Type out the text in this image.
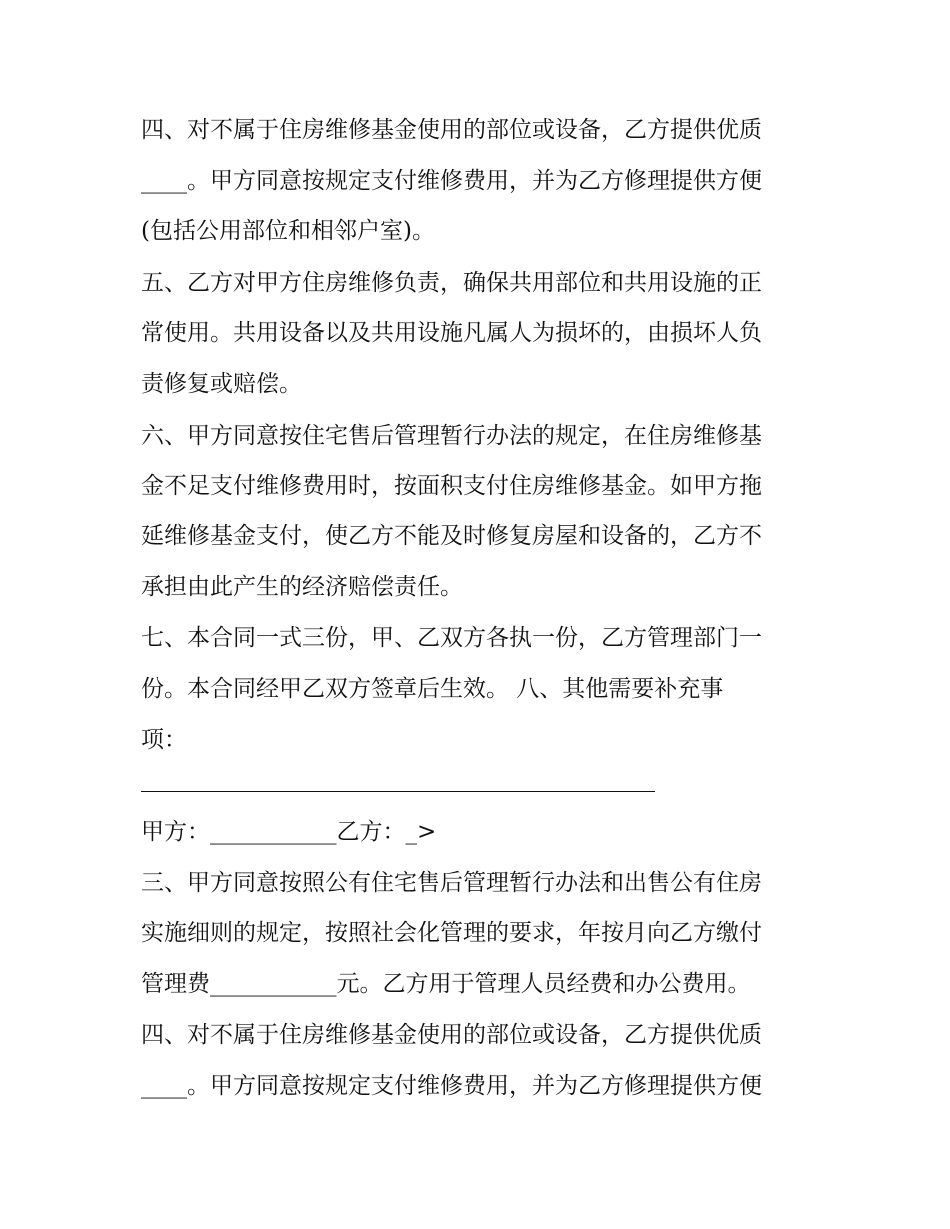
四、对不属于住房维修基金使用的部位或设备，乙方提供优质
____。甲方同意按规定支付维修费用，并为乙方修理提供方便
(包括公用部位和相邻户室)。
五、乙方对甲方住房维修负责，确保共用部位和共用设施的正
常使用。共用设备以及共用设施凡属人为损坏的，由损坏人负
责修复或赔偿。
六、甲方同意按住宅售后管理暂行办法的规定，在住房维修基
金不足支付维修费用时，按面积支付住房维修基金。如甲方拖
延维修基金支付，使乙方不能及时修复房屋和设备的，乙方不
承担由此产生的经济赔偿责任。
七、本合同一式三份，甲、乙双方各执一份，乙方管理部门一
份。本合同经甲乙双方签章后生效。 八、其他需要补充事
项：
甲方：___________乙方：_>
三、甲方同意按照公有住宅售后管理暂行办法和出售公有住房
实施细则的规定，按照社会化管理的要求，年按月向乙方缴付
管理费___________元。乙方用于管理人员经费和办公费用。
四、对不属于住房维修基金使用的部位或设备，乙方提供优质
____。甲方同意按规定支付维修费用，并为乙方修理提供方便
